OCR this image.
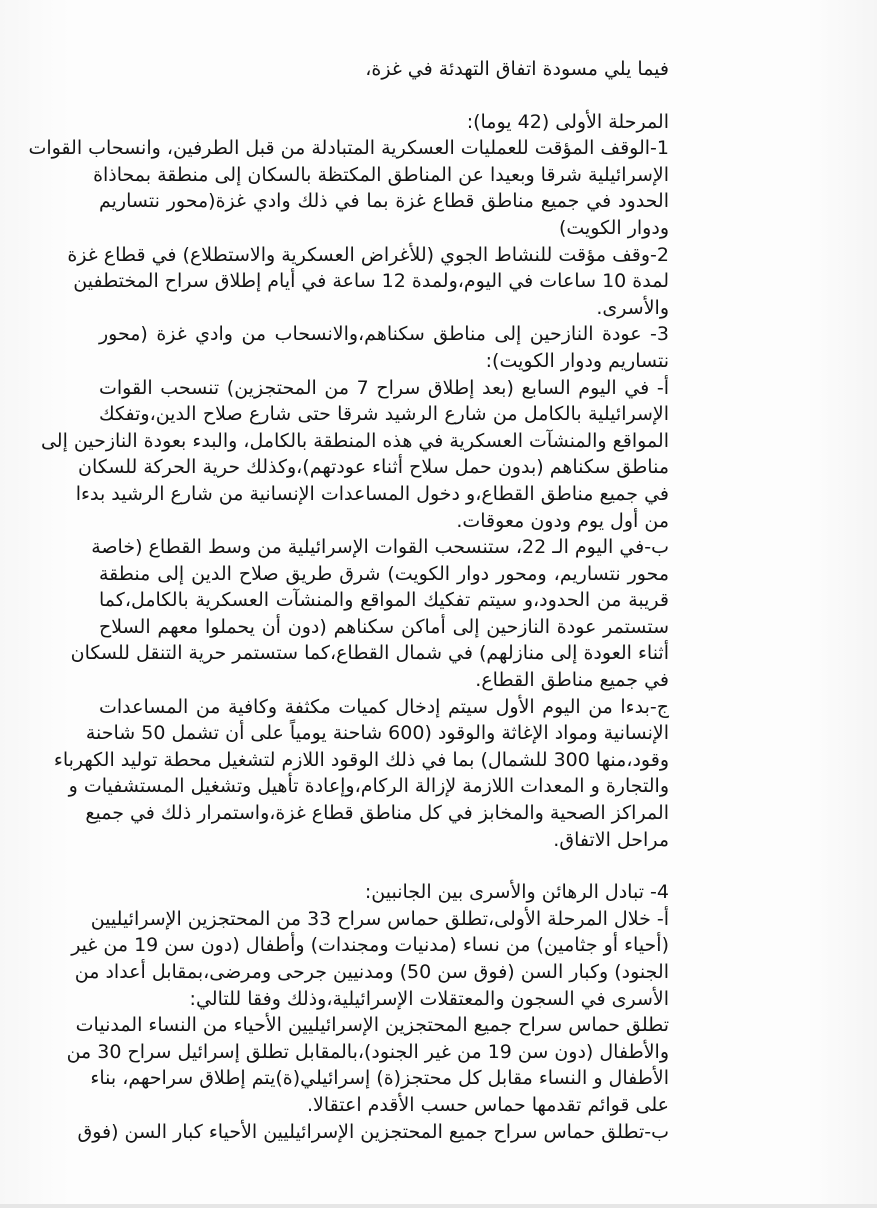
فيما يلي مسودة اتفاق التهدئة في غزة،
المرحلة الأولى (42 يوما):
1-الوقف المؤقت للعمليات العسكرية المتبادلة من قبل الطرفين، وانسحاب القوات
الإسرائيلية شرقا وبعيدا عن المناطق المكتظة بالسكان إلى منطقة بمحاذاة
الحدود في جميع مناطق قطاع غزة بما في ذلك وادي غزة(محور نتساريم
ودوار الكويت)
2-وقف مؤقت للنشاط الجوي (للأغراض العسكرية والاستطلاع) في قطاع غزة
لمدة 10 ساعات في اليوم،ولمدة 12 ساعة في أيام إطلاق سراح المختطفين
والأسرى.
3- عودة النازحين إلى مناطق سكناهم،والانسحاب من وادي غزة (محور
نتساريم ودوار الكويت):
أ- في اليوم السابع (بعد إطلاق سراح 7 من المحتجزين) تنسحب القوات
الإسرائيلية بالكامل من شارع الرشيد شرقا حتى شارع صلاح الدين،وتفكك
المواقع والمنشآت العسكرية في هذه المنطقة بالكامل، والبدء بعودة النازحين إلى
مناطق سكناهم (بدون حمل سلاح أثناء عودتهم)،وكذلك حرية الحركة للسكان
في جميع مناطق القطاع،و دخول المساعدات الإنسانية من شارع الرشيد بدءا
من أول يوم ودون معوقات.
ب-في اليوم الـ 22، ستنسحب القوات الإسرائيلية من وسط القطاع (خاصة
محور نتساريم، ومحور دوار الكويت) شرق طريق صلاح الدين إلى منطقة
قريبة من الحدود،و سيتم تفكيك المواقع والمنشآت العسكرية بالكامل،كما
ستستمر عودة النازحين إلى أماكن سكناهم (دون أن يحملوا معهم السلاح
أثناء العودة إلى منازلهم) في شمال القطاع،كما ستستمر حرية التنقل للسكان
في جميع مناطق القطاع.
ج-بدءا من اليوم الأول سيتم إدخال كميات مكثفة وكافية من المساعدات
الإنسانية ومواد الإغاثة والوقود (600 شاحنة يومياً على أن تشمل 50 شاحنة
وقود،منها 300 للشمال) بما في ذلك الوقود اللازم لتشغيل محطة توليد الكهرباء
والتجارة و المعدات اللازمة لإزالة الركام،وإعادة تأهيل وتشغيل المستشفيات و
المراكز الصحية والمخابز في كل مناطق قطاع غزة،واستمرار ذلك في جميع
مراحل الاتفاق.
4- تبادل الرهائن والأسرى بين الجانبين:
أ- خلال المرحلة الأولى،تطلق حماس سراح 33 من المحتجزين الإسرائيليين
(أحياء أو جثامين) من نساء (مدنيات ومجندات) وأطفال (دون سن 19 من غير
الجنود) وكبار السن (فوق سن 50) ومدنيين جرحى ومرضى،بمقابل أعداد من
الأسرى في السجون والمعتقلات الإسرائيلية،وذلك وفقا للتالي:
تطلق حماس سراح جميع المحتجزين الإسرائيليين الأحياء من النساء المدنيات
والأطفال (دون سن 19 من غير الجنود)،بالمقابل تطلق إسرائيل سراح 30 من
الأطفال و النساء مقابل كل محتجز(ة) إسرائيلي(ة)يتم إطلاق سراحهم، بناء
على قوائم تقدمها حماس حسب الأقدم اعتقالا.
ب-تطلق حماس سراح جميع المحتجزين الإسرائيليين الأحياء كبار السن (فوق
